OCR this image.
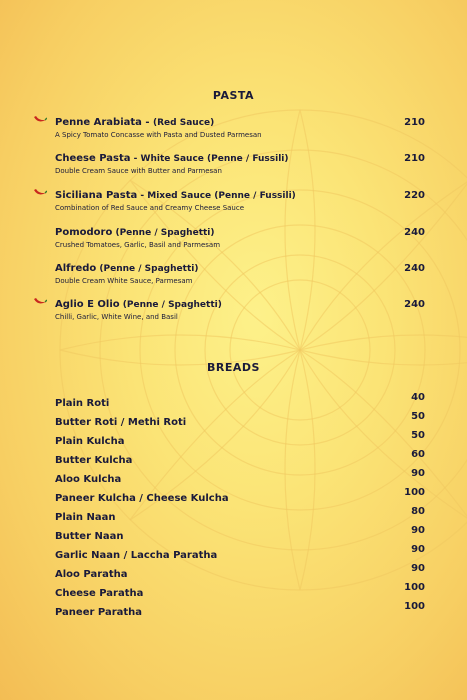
PASTA
Penne Arabiata - (Red Sauce)
A Spicy Tomato Concasse with Pasta and Dusted Parmesan
210
Cheese Pasta - White Sauce (Penne / Fussili)
Double Cream Sauce with Butter and Parmesan
210
Siciliana Pasta - Mixed Sauce (Penne / Fussili)
Combination of Red Sauce and Creamy Cheese Sauce
220
Pomodoro (Penne / Spaghetti)
Crushed Tomatoes, Garlic, Basil and Parmesam
240
Alfredo (Penne / Spaghetti)
Double Cream White Sauce, Parmesam
240
Aglio E Olio (Penne / Spaghetti)
Chilli, Garlic, White Wine, and Basil
240
BREADS
Plain Roti
40
Butter Roti / Methi Roti
50
Plain Kulcha
50
Butter Kulcha
60
Aloo Kulcha
90
Paneer Kulcha / Cheese Kulcha
100
Plain Naan
80
Butter Naan
90
Garlic Naan / Laccha Paratha
90
Aloo Paratha
90
Cheese Paratha
100
Paneer Paratha
100
